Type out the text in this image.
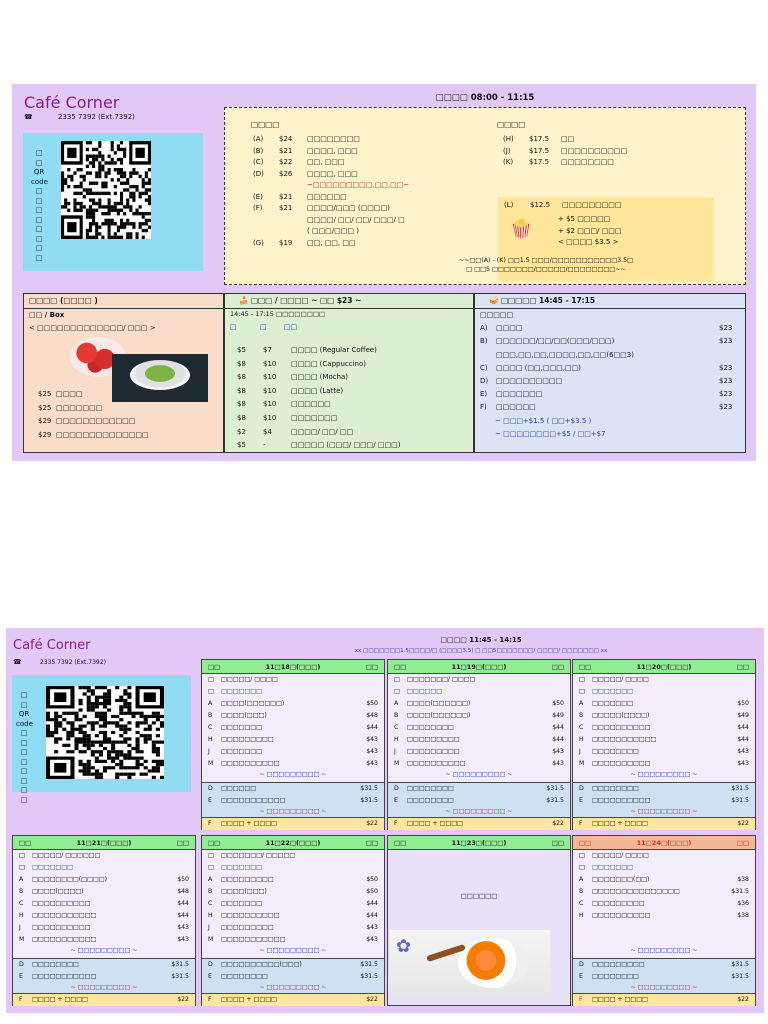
Café Corner
☎	2335 7392 (Ext.7392)
□
□
QR
code
□
□
□
□
□
□
□
□
□□□□ 08:00 - 11:15
□□□□
(A) $24 □□□□□□□□
(B) $21 □□□□, □□□
(C) $22 □□, □□□
(D) $26 □□□□, □□□
~□□□□□□□□□.□□.□□~
(E) $21 □□□□□□
(F) $21 □□□□/□□□ (□□□□)
□□□□/ □□/ □□/ □□□/ □
( □□□/□□□ )
(G) $19 □□, □□, □□
□□□□
(H) $17.5 □□
(J)	$17.5 □□□□□□□□□□
(K) $17.5 □□□□□□□□
(L) $12.5 □□□□□□□□□
🍿	+ $5 □□□□□
+ $2 □□□/ □□□
< □□□□ $3.5 >
~~□□(A) - (K) □□1.5 □□□/□□□□□□□□□□□3.5□
□ □□5 □□□□□□□/□□□□□/□□□□□□□□~~
□□□□ (□□□□ )
□□ / Box
< □□□□□□□□□□□□□/ □□□ >
$25 □□□□
$25 □□□□□□□
$29 □□□□□□□□□□□□
$29 □□□□□□□□□□□□□□
🍰 □□□ / □□□□ ~ □□ $23 ~
14:45 - 17:15 □□□□□□□□
□	□ □□
$5 $7	□□□□ (Regular Coffee)
$8 $10 □□□□ (Cappuccino)
$8 $10 □□□□ (Mocha)
$8 $10 □□□□ (Latte)
$8 $10 □□□□□□
$8 $10 □□□□□□□
$2 $4	□□□□/ □□/ □□
$5 -	□□□□□ (□□□/ □□□/ □□□)
🥪 □□□□□ 14:45 - 17:15
□□□□□
A)	□□□□	$23
B)	□□□□□□/□□/□□(□□□/□□□)	$23
□□□,□□,□□,□□□□,□□,□□(6□□3)
C)	□□□□ (□□,□□□,□□)	$23
D)	□□□□□□□□□□	$23
E)	□□□□□□□	$23
F)	□□□□□□	$23
~ □□□+$1.5 ( □□+$3.5 )
~ □□□□□□□□+$5 / □□+$7
Café Corner
☎	2335 7392 (Ext.7392)
□
□
QR
code
□
□
□
□
□
□
□
□
□□□□ 11:45 - 14:15
xx □□□□□□□1.5□□□□/□ (□□□□3.5) □ □□5□□□□□□□/ □□□□/ □□□□□□□ xx
□□	11□18□(□□□)	□□
□	□□□□□/ □□□□
□	□□□□□□□
A	□□□□(□□□□□□)	$50
B	□□□□(□□□)	$48
C	□□□□□□□	$44
H	□□□□□□□□□	$43
J	□□□□□□□	$43
M	□□□□□□□□□□	$43
~ □□□□□□□□□ ~
D	□□□□□□	$31.5
E	□□□□□□□□□□□	$31.5
~ □□□□□□□□□ ~
F	□□□□ + □□□□	$22
□□	11□19□(□□□)	□□
□	□□□□□□□/ □□□□
□	□□□□□□
A	□□□□(□□□□□□)	$50
B	□□□□(□□□□□□)	$49
C	□□□□□□□□	$44
H	□□□□□□□□□	$44
J	□□□□□□□□□	$43
M	□□□□□□□□□□	$43
~ □□□□□□□□□ ~
D	□□□□□□□□	$31.5
E	□□□□□□□□	$31.5
~ □□□□□□□□□ ~
F	□□□□ + □□□□	$22
□□	11□20□(□□□)	□□
□	□□□□□/ □□□□
□	□□□□□□□
A	□□□□□□□	$50
B	□□□□□(□□□□)	$49
C	□□□□□□□□□□	$44
H	□□□□□□□□□□□	$44
J	□□□□□□□□	$43
M	□□□□□□□□□□	$43
~ □□□□□□□□□ ~
D	□□□□□□□□	$31.5
E	□□□□□□□□□□	$31.5
~ □□□□□□□□□ ~
F	□□□□ + □□□□	$22
□□	11□21□(□□□)	□□
□	□□□□□/ □□□□□□
□	□□□□□□□
A	□□□□□□□□(□□□□)	$50
B	□□□□(□□□□)	$48
C	□□□□□□□□□□	$44
H	□□□□□□□□□□□	$44
J	□□□□□□□□□□	$43
M	□□□□□□□□□□□	$43
~ □□□□□□□□□ ~
D	□□□□□□□□	$31.5
E	□□□□□□□□□□□	$31.5
~ □□□□□□□□□ ~
F	□□□□ + □□□□	$22
□□	11□22□(□□□)	□□
□	□□□□□□□/ □□□□□
□	□□□□□□□
A	□□□□□□□□□	$50
B	□□□□(□□□)	$50
C	□□□□□□□	$44
H	□□□□□□□□□□	$44
J	□□□□□□□□□	$43
M	□□□□□□□□□□□	$43
~ □□□□□□□□□ ~
D	□□□□□□□□□□(□□□)	$31.5
E	□□□□□□□□	$31.5
~ □□□□□□□□□ ~
F	□□□□ + □□□□	$22
□□	11□23□(□□□)	□□
□□□□□□
✿
□□	11□24□(□□□)	□□
□	□□□□□/ □□□□
□	□□□□□□□
A	□□□□□□□(□□)	$38
B	□□□□□□□□□□□□□□□	$31.5
C	□□□□□□□□□	$36
H	□□□□□□□□□□	$38
~ □□□□□□□□□ ~
D	□□□□□□□□□	$31.5
E	□□□□□□□□	$31.5
~ □□□□□□□□□ ~
F	□□□□ + □□□□	$22
